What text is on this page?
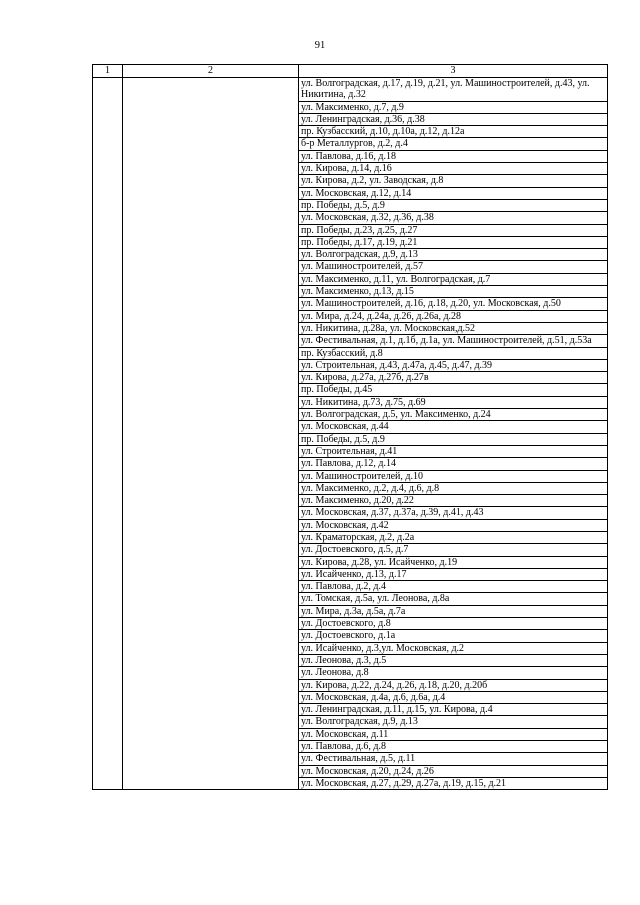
91
1	2	3
		ул. Волгоградская, д.17, д.19, д.21, ул. Машиностроителей, д.43, ул. Никитина, д.32
		ул. Максименко, д.7, д.9
		ул. Ленинградская, д.36, д.38
		пр. Кузбасский, д.10, д.10а, д.12, д.12а
		б-р Металлургов, д.2, д.4
		ул. Павлова, д.16, д.18
		ул. Кирова, д.14, д.16
		ул. Кирова, д.2, ул. Заводская, д.8
		ул. Московская, д.12, д.14
		пр. Победы, д.5, д.9
		ул. Московская, д.32, д.36, д.38
		пр. Победы, д.23, д.25, д.27
		пр. Победы, д.17, д.19, д.21
		ул. Волгоградская, д.9, д.13
		ул. Машиностроителей, д.57
		ул. Максименко, д.11, ул. Волгоградская, д.7
		ул. Максименко, д.13, д.15
		ул. Машиностроителей, д.16, д.18, д.20, ул. Московская, д.50
		ул. Мира, д.24, д.24а, д.26, д.26а, д.28
		ул. Никитина, д.28а, ул. Московская,д.52
		ул. Фестивальная, д.1, д.1б, д.1а, ул. Машиностроителей, д.51, д.53а
		пр. Кузбасский, д.8
		ул. Строительная, д.43, д.47а, д.45, д.47, д.39
		ул. Кирова, д.27а, д.27б, д.27в
		пр. Победы, д.45
		ул. Никитина, д.73, д.75, д.69
		ул. Волгоградская, д.5, ул. Максименко, д.24
		ул. Московская, д.44
		пр. Победы, д.5, д.9
		ул. Строительная, д.41
		ул. Павлова, д.12, д.14
		ул. Машиностроителей, д.10
		ул. Максименко, д.2, д.4, д.6, д.8
		ул. Максименко, д.20, д.22
		ул. Московская, д.37, д.37а, д.39, д.41, д.43
		ул. Московская, д.42
		ул. Краматорская, д.2, д.2а
		ул. Достоевского, д.5, д.7
		ул. Кирова, д.28, ул. Исайченко, д.19
		ул. Исайченко, д.13, д.17
		ул. Павлова, д.2, д.4
		ул. Томская, д.5а, ул. Леонова, д.8а
		ул. Мира, д.3а, д.5а, д.7а
		ул. Достоевского, д.8
		ул. Достоевского, д.1а
		ул. Исайченко, д.3,ул. Московская, д.2
		ул. Леонова, д.3, д.5
		ул. Леонова, д.8
		ул. Кирова, д.22, д.24, д.26, д.18, д.20, д.20б
		ул. Московская, д.4а, д.6, д.6а, д.4
		ул. Ленинградская, д.11, д.15, ул. Кирова, д.4
		ул. Волгоградская, д.9, д.13
		ул. Московская, д.11
		ул. Павлова, д.6, д.8
		ул. Фестивальная, д.5, д.11
		ул. Московская, д.20, д.24, д.26
		ул. Московская, д.27, д.29, д.27а, д.19, д.15, д.21
